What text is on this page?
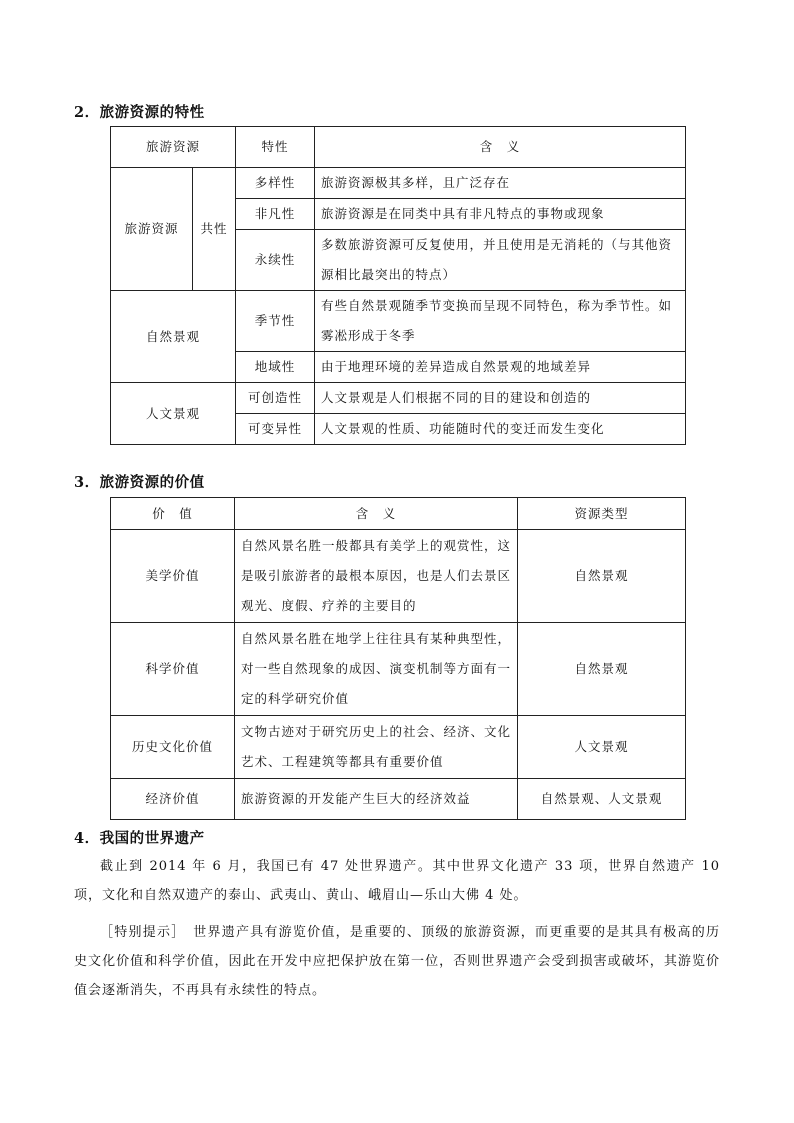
2．旅游资源的特性
旅游资源		特性	含　义
旅游资源	共性	多样性	旅游资源极其多样，且广泛存在
		非凡性	旅游资源是在同类中具有非凡特点的事物或现象
		永续性	多数旅游资源可反复使用，并且使用是无消耗的（与其他资源相比最突出的特点）
自然景观		季节性	有些自然景观随季节变换而呈现不同特色，称为季节性。如雾凇形成于冬季
		地域性	由于地理环境的差异造成自然景观的地域差异
人文景观		可创造性	人文景观是人们根据不同的目的建设和创造的
		可变异性	人文景观的性质、功能随时代的变迁而发生变化
3．旅游资源的价值
价　值	含　义	资源类型
美学价值	自然风景名胜一般都具有美学上的观赏性，这是吸引旅游者的最根本原因，也是人们去景区观光、度假、疗养的主要目的	自然景观
科学价值	自然风景名胜在地学上往往具有某种典型性，对一些自然现象的成因、演变机制等方面有一定的科学研究价值	自然景观
历史文化价值	文物古迹对于研究历史上的社会、经济、文化艺术、工程建筑等都具有重要价值	人文景观
经济价值	旅游资源的开发能产生巨大的经济效益	自然景观、人文景观
4．我国的世界遗产
截止到 2014 年 6 月，我国已有 47 处世界遗产。其中世界文化遗产 33 项，世界自然遗产 10 项，文化和自然双遗产的泰山、武夷山、黄山、峨眉山—乐山大佛 4 处。
［特别提示］　世界遗产具有游览价值，是重要的、顶级的旅游资源，而更重要的是其具有极高的历史文化价值和科学价值，因此在开发中应把保护放在第一位，否则世界遗产会受到损害或破坏，其游览价值会逐渐消失，不再具有永续性的特点。
